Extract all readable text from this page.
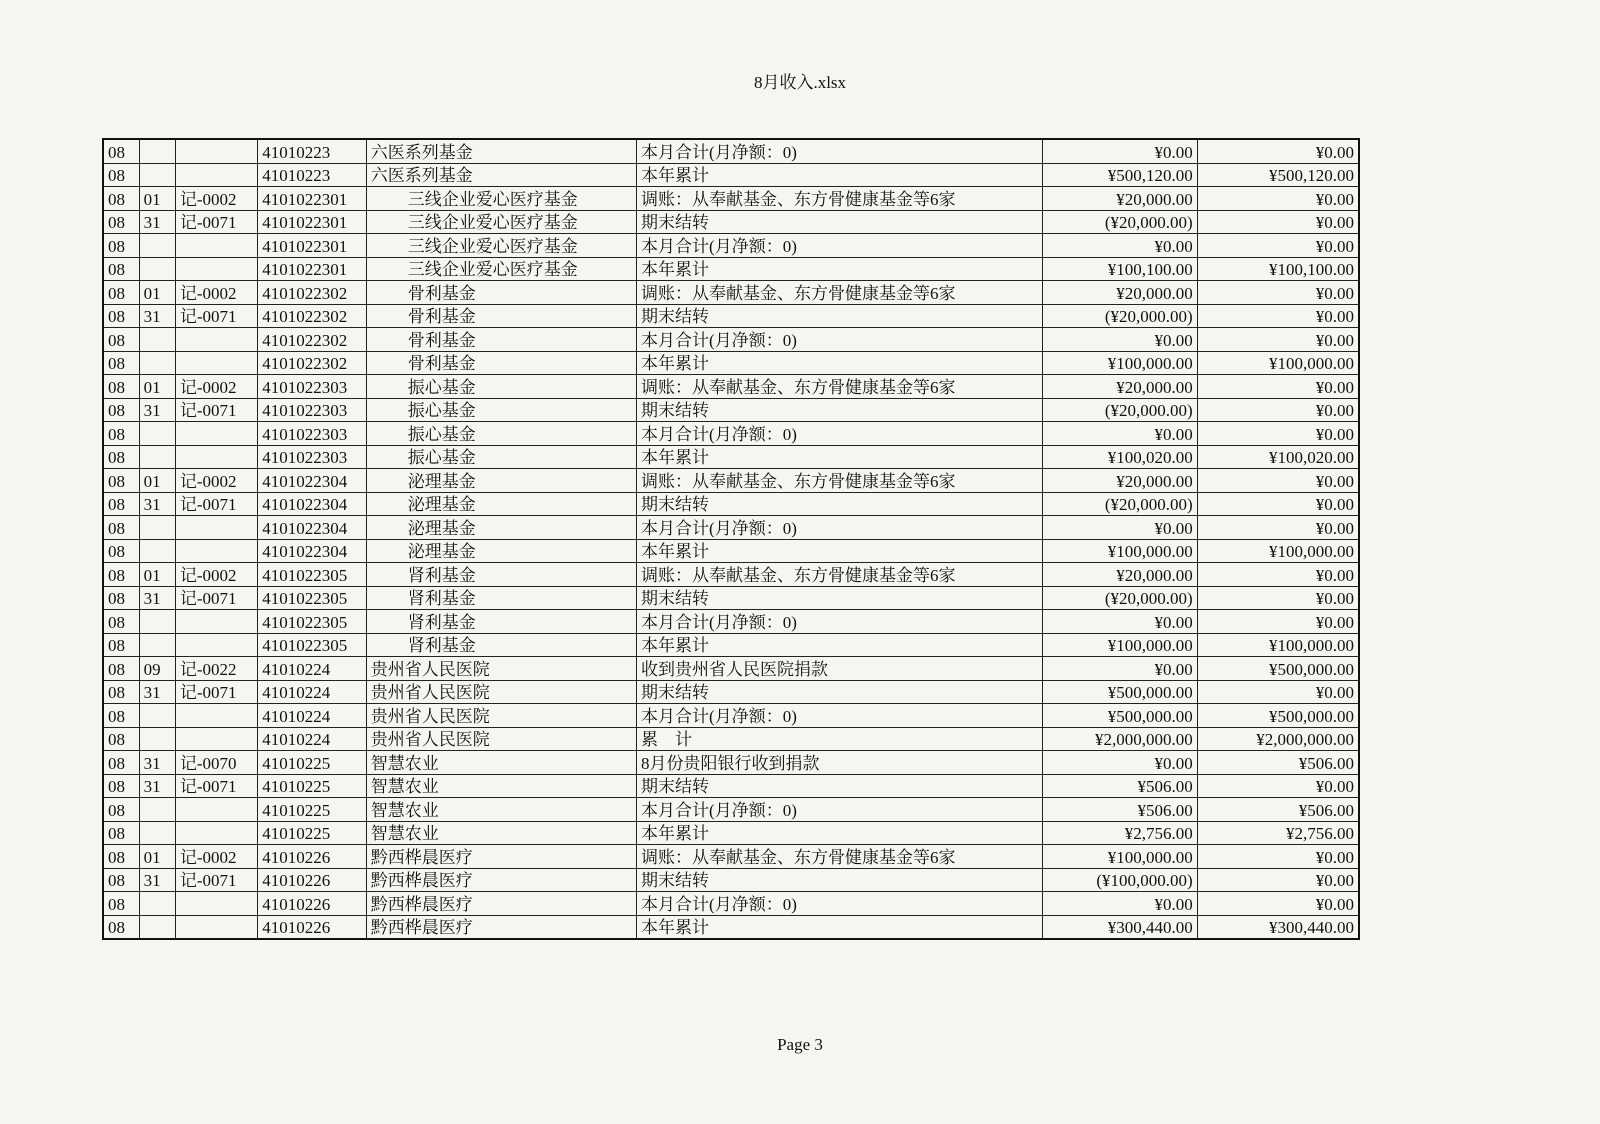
8月收入.xlsx
08			41010223	六医系列基金	本月合计(月净额：0)	¥0.00	¥0.00
08			41010223	六医系列基金	本年累计	¥500,120.00	¥500,120.00
08	01	记-0002	4101022301	三线企业爱心医疗基金	调账：从奉献基金、东方骨健康基金等6家	¥20,000.00	¥0.00
08	31	记-0071	4101022301	三线企业爱心医疗基金	期末结转	(¥20,000.00)	¥0.00
08			4101022301	三线企业爱心医疗基金	本月合计(月净额：0)	¥0.00	¥0.00
08			4101022301	三线企业爱心医疗基金	本年累计	¥100,100.00	¥100,100.00
08	01	记-0002	4101022302	骨利基金	调账：从奉献基金、东方骨健康基金等6家	¥20,000.00	¥0.00
08	31	记-0071	4101022302	骨利基金	期末结转	(¥20,000.00)	¥0.00
08			4101022302	骨利基金	本月合计(月净额：0)	¥0.00	¥0.00
08			4101022302	骨利基金	本年累计	¥100,000.00	¥100,000.00
08	01	记-0002	4101022303	振心基金	调账：从奉献基金、东方骨健康基金等6家	¥20,000.00	¥0.00
08	31	记-0071	4101022303	振心基金	期末结转	(¥20,000.00)	¥0.00
08			4101022303	振心基金	本月合计(月净额：0)	¥0.00	¥0.00
08			4101022303	振心基金	本年累计	¥100,020.00	¥100,020.00
08	01	记-0002	4101022304	泌理基金	调账：从奉献基金、东方骨健康基金等6家	¥20,000.00	¥0.00
08	31	记-0071	4101022304	泌理基金	期末结转	(¥20,000.00)	¥0.00
08			4101022304	泌理基金	本月合计(月净额：0)	¥0.00	¥0.00
08			4101022304	泌理基金	本年累计	¥100,000.00	¥100,000.00
08	01	记-0002	4101022305	肾利基金	调账：从奉献基金、东方骨健康基金等6家	¥20,000.00	¥0.00
08	31	记-0071	4101022305	肾利基金	期末结转	(¥20,000.00)	¥0.00
08			4101022305	肾利基金	本月合计(月净额：0)	¥0.00	¥0.00
08			4101022305	肾利基金	本年累计	¥100,000.00	¥100,000.00
08	09	记-0022	41010224	贵州省人民医院	收到贵州省人民医院捐款	¥0.00	¥500,000.00
08	31	记-0071	41010224	贵州省人民医院	期末结转	¥500,000.00	¥0.00
08			41010224	贵州省人民医院	本月合计(月净额：0)	¥500,000.00	¥500,000.00
08			41010224	贵州省人民医院	累　计	¥2,000,000.00	¥2,000,000.00
08	31	记-0070	41010225	智慧农业	8月份贵阳银行收到捐款	¥0.00	¥506.00
08	31	记-0071	41010225	智慧农业	期末结转	¥506.00	¥0.00
08			41010225	智慧农业	本月合计(月净额：0)	¥506.00	¥506.00
08			41010225	智慧农业	本年累计	¥2,756.00	¥2,756.00
08	01	记-0002	41010226	黔西桦晨医疗	调账：从奉献基金、东方骨健康基金等6家	¥100,000.00	¥0.00
08	31	记-0071	41010226	黔西桦晨医疗	期末结转	(¥100,000.00)	¥0.00
08			41010226	黔西桦晨医疗	本月合计(月净额：0)	¥0.00	¥0.00
08			41010226	黔西桦晨医疗	本年累计	¥300,440.00	¥300,440.00
Page 3
